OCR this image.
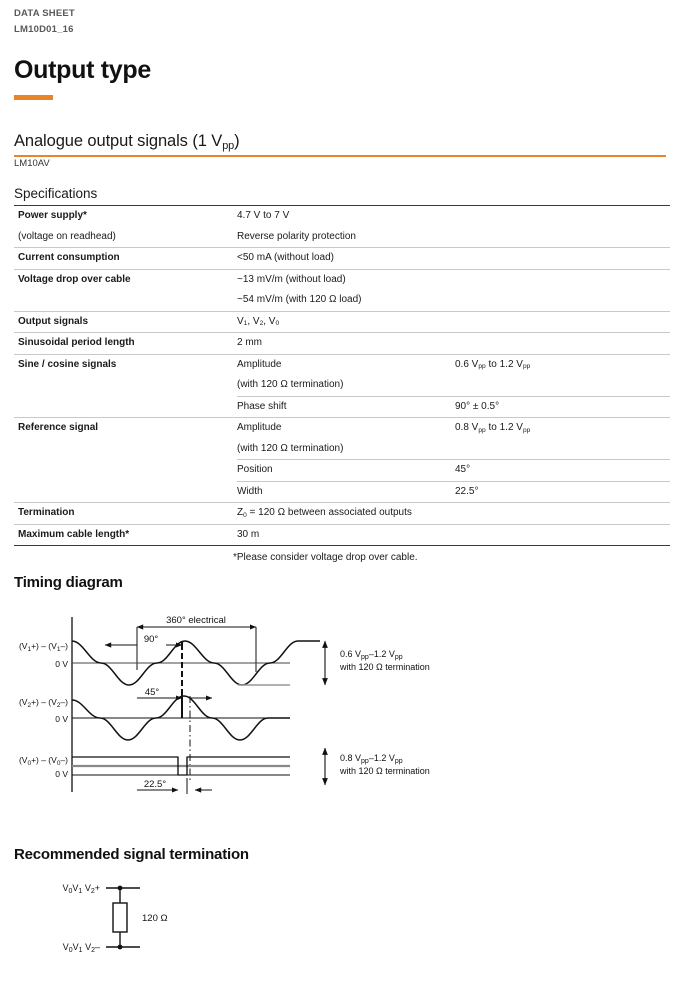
DATA SHEET
LM10D01_16
Output type
Analogue output signals (1 $V_{pp}$)
LM10AV
Specifications
Power supply*	4.7 V to 7 V	
(voltage on readhead)	Reverse polarity protection	
Current consumption	<50 mA (without load)	
Voltage drop over cable	~13 mV/m (without load)	
	~54 mV/m (with 120 Ω load)	
Output signals	$V_1$, $V_2$, $V_0$	
Sinusoidal period length	2 mm	
Sine / cosine signals	Amplitude	0.6 $V_{pp}$ to 1.2 $V_{pp}$
	(with 120 Ω termination)	
	Phase shift	90° ± 0.5°
Reference signal	Amplitude	0.8 $V_{pp}$ to 1.2 $V_{pp}$
	(with 120 Ω termination)	
	Position	45°
	Width	22.5°
Termination	$Z_0 = 120$ Ω between associated outputs	
Maximum cable length*	30 m	
*Please consider voltage drop over cable.
Timing diagram
360° electrical
90°
(V1+) – (V1–)
0 V
0.6 Vpp–1.2 Vpp
with 120 Ω termination
45°
(V2+) – (V2–)
0 V
(V0+) – (V0–)
0 V
0.8 Vpp–1.2 Vpp
with 120 Ω termination
22.5°
Recommended signal termination
V0V1 V2+
V0V1 V2–
120 Ω
